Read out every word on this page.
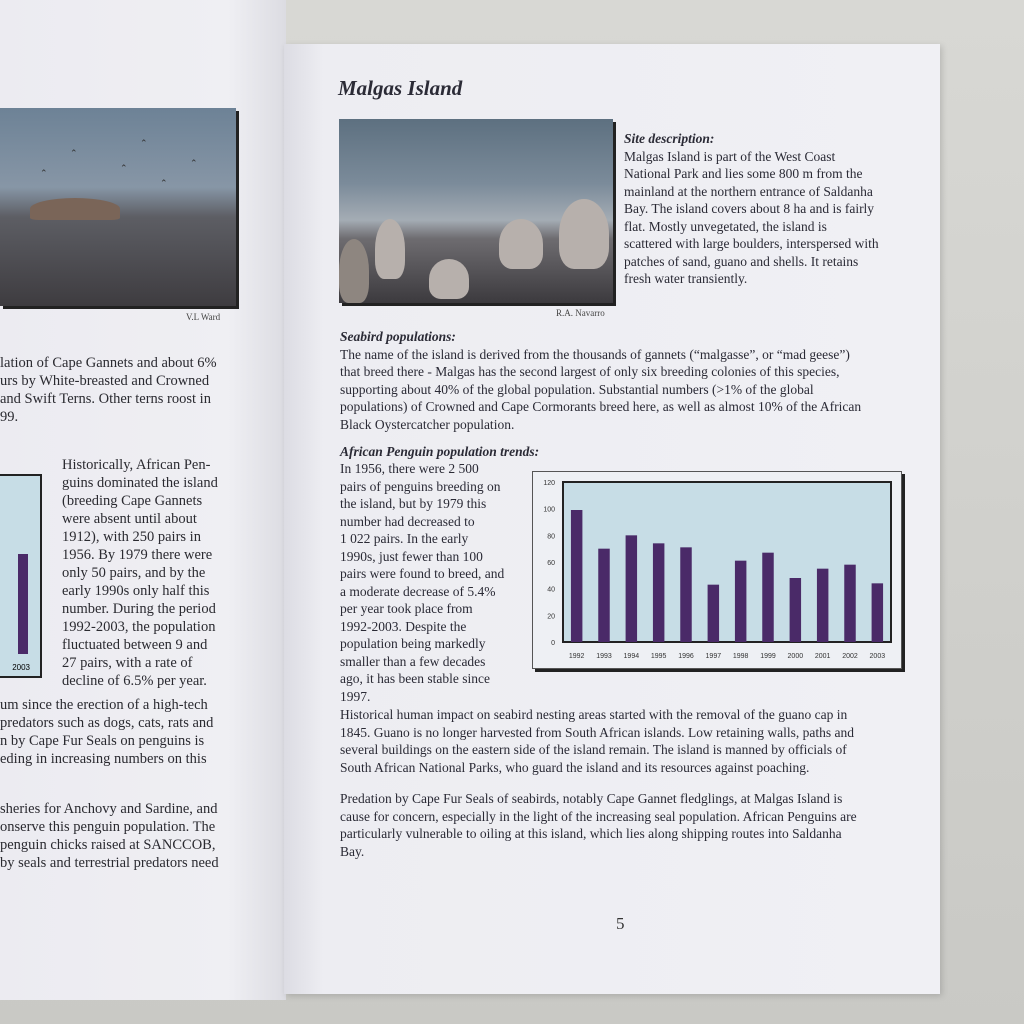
⌃
⌃
⌃
⌃
⌃
⌃
V.L Ward
lation of Cape Gannets and about 6%
urs by White-breasted and Crowned
and Swift Terns. Other terns roost in
99.
2003
Historically, African Pen-
guins dominated the island
(breeding Cape Gannets
were absent until about
1912), with 250 pairs in
1956. By 1979 there were
only 50 pairs, and by the
early 1990s only half this
number. During the period
1992-2003, the population
fluctuated between 9 and
27 pairs, with a rate of
decline of 6.5% per year.
um since the erection of a high-tech
predators such as dogs, cats, rats and
n by Cape Fur Seals on penguins is
eding in increasing numbers on this
sheries for Anchovy and Sardine, and
onserve this penguin population. The
penguin chicks raised at SANCCOB,
by seals and terrestrial predators need
Malgas Island
R.A. Navarro
Site description:
Malgas Island is part of the West Coast
National Park and lies some 800 m from the
mainland at the northern entrance of Saldanha
Bay. The island covers about 8 ha and is fairly
flat. Mostly unvegetated, the island is
scattered with large boulders, interspersed with
patches of sand, guano and shells. It retains
fresh water transiently.
Seabird populations:
The name of the island is derived from the thousands of gannets (“malgasse”, or “mad geese”)
that breed there - Malgas has the second largest of only six breeding colonies of this species,
supporting about 40% of the global population. Substantial numbers (>1% of the global
populations) of Crowned and Cape Cormorants breed here, as well as almost 10% of the African
Black Oystercatcher population.
African Penguin population trends:
In 1956, there were 2 500
pairs of penguins breeding on
the island, but by 1979 this
number had decreased to
1 022 pairs. In the early
1990s, just fewer than 100
pairs were found to breed, and
a moderate decrease of 5.4%
per year took place from
1992-2003. Despite the
population being markedly
smaller than a few decades
ago, it has been stable since
1997.
0
20
40
60
80
100
120
1992 1993 1994 1995 1996 1997 1998 1999 2000 2001 2002 2003
Historical human impact on seabird nesting areas started with the removal of the guano cap in
1845. Guano is no longer harvested from South African islands. Low retaining walls, paths and
several buildings on the eastern side of the island remain. The island is manned by officials of
South African National Parks, who guard the island and its resources against poaching.
Predation by Cape Fur Seals of seabirds, notably Cape Gannet fledglings, at Malgas Island is
cause for concern, especially in the light of the increasing seal population. African Penguins are
particularly vulnerable to oiling at this island, which lies along shipping routes into Saldanha
Bay.
5
